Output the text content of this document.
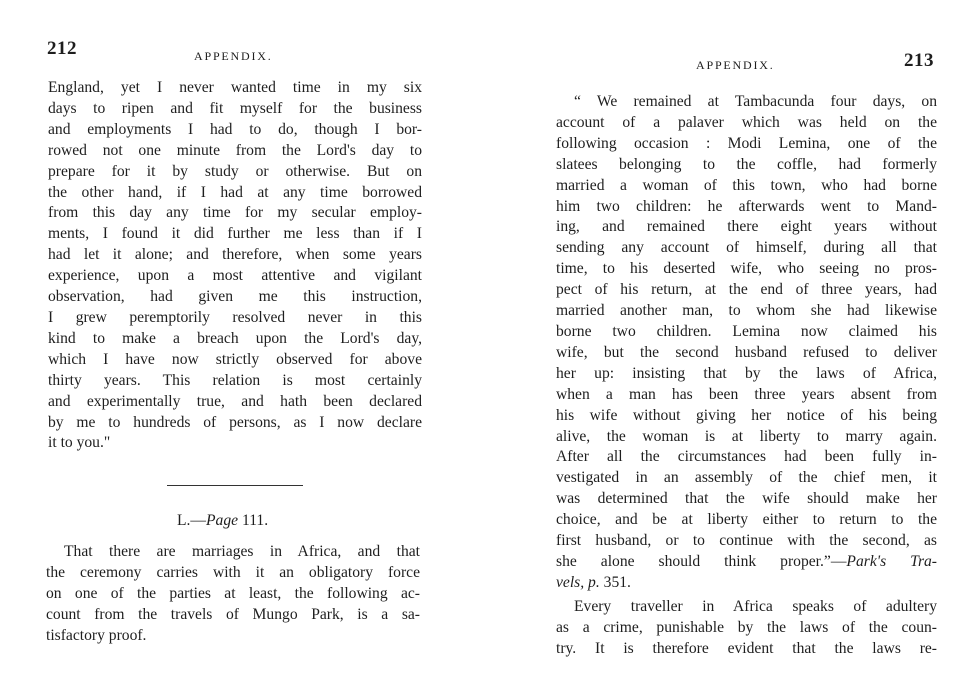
212	APPENDIX.
England, yet I never wanted time in my six
days to ripen and fit myself for the business
and employments I had to do, though I bor-
rowed not one minute from the Lord's day to
prepare for it by study or otherwise. But on
the other hand, if I had at any time borrowed
from this day any time for my secular employ-
ments, I found it did further me less than if I
had let it alone; and therefore, when some years
experience, upon a most attentive and vigilant
observation, had given me this instruction,
I grew peremptorily resolved never in this
kind to make a breach upon the Lord's day,
which I have now strictly observed for above
thirty years. This relation is most certainly
and experimentally true, and hath been declared
by me to hundreds of persons, as I now declare
it to you."
L.—Page 111.
That there are marriages in Africa, and that
the ceremony carries with it an obligatory force
on one of the parties at least, the following ac-
count from the travels of Mungo Park, is a sa-
tisfactory proof.
APPENDIX.	213
“ We remained at Tambacunda four days, on
account of a palaver which was held on the
following occasion : Modi Lemina, one of the
slatees belonging to the coffle, had formerly
married a woman of this town, who had borne
him two children: he afterwards went to Mand-
ing, and remained there eight years without
sending any account of himself, during all that
time, to his deserted wife, who seeing no pros-
pect of his return, at the end of three years, had
married another man, to whom she had likewise
borne two children. Lemina now claimed his
wife, but the second husband refused to deliver
her up: insisting that by the laws of Africa,
when a man has been three years absent from
his wife without giving her notice of his being
alive, the woman is at liberty to marry again.
After all the circumstances had been fully in-
vestigated in an assembly of the chief men, it
was determined that the wife should make her
choice, and be at liberty either to return to the
first husband, or to continue with the second, as
she alone should think proper.”—Park's Tra-
vels, p. 351.
Every traveller in Africa speaks of adultery
as a crime, punishable by the laws of the coun-
try. It is therefore evident that the laws re-
